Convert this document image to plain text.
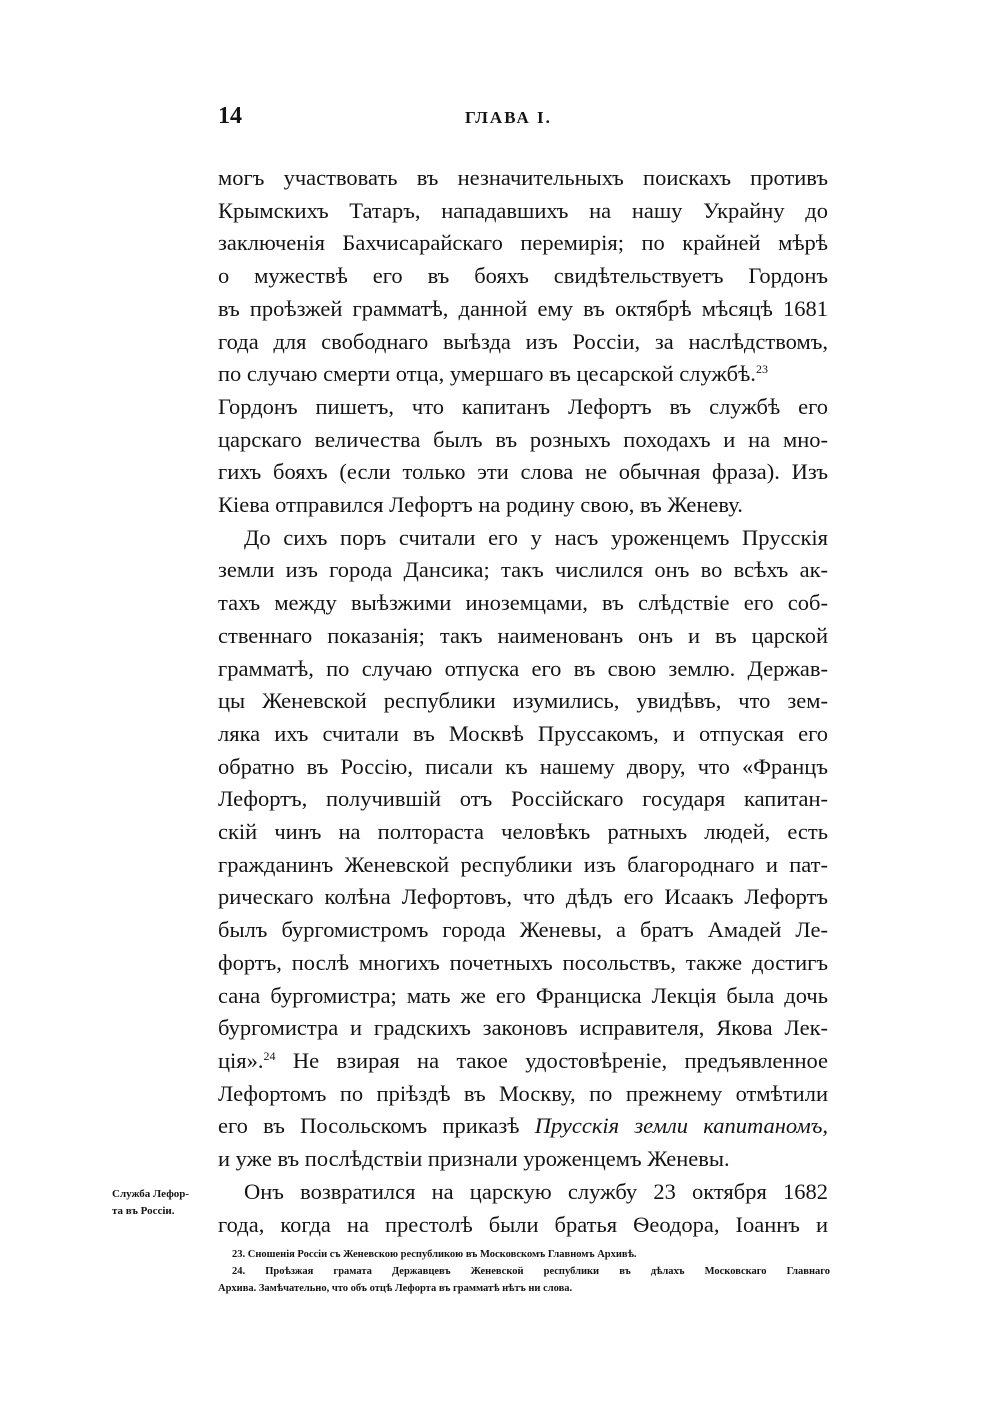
14	ГЛАВА I.
могъ участвовать въ незначительныхъ поискахъ противъ
Крымскихъ Татаръ, нападавшихъ на нашу Украйну до
заключенія Бахчисарайскаго перемирія; по крайней мѣрѣ
о мужествѣ его въ бояхъ свидѣтельствуетъ Гордонъ
въ проѣзжей грамматѣ, данной ему въ октябрѣ мѣсяцѣ 1681
года для свободнаго выѣзда изъ Россіи, за наслѣдствомъ,
по случаю смерти отца, умершаго въ цесарской службѣ.$^{23}$
Гордонъ пишетъ, что капитанъ Лефортъ въ службѣ его
царскаго величества былъ въ розныхъ походахъ и на мно-
гихъ бояхъ (если только эти слова не обычная фраза). Изъ
Кіева отправился Лефортъ на родину свою, въ Женеву.
До сихъ поръ считали его у насъ уроженцемъ Прусскія
земли изъ города Дансика; такъ числился онъ во всѣхъ ак-
тахъ между выѣзжими иноземцами, въ слѣдствіе его соб-
ственнаго показанія; такъ наименованъ онъ и въ царской
грамматѣ, по случаю отпуска его въ свою землю. Держав-
цы Женевской республики изумились, увидѣвъ, что зем-
ляка ихъ считали въ Москвѣ Пруссакомъ, и отпуская его
обратно въ Россію, писали къ нашему двору, что «Францъ
Лефортъ, получившій отъ Россійскаго государя капитан-
скій чинъ на полтораста человѣкъ ратныхъ людей, есть
гражданинъ Женевской республики изъ благороднаго и пат-
рическаго колѣна Лефортовъ, что дѣдъ его Исаакъ Лефортъ
былъ бургомистромъ города Женевы, а братъ Амадей Ле-
фортъ, послѣ многихъ почетныхъ посольствъ, также достигъ
сана бургомистра; мать же его Франциска Лекція была дочь
бургомистра и градскихъ законовъ исправителя, Якова Лек-
ція».$^{24}$ Не взирая на такое удостовѣреніе, предъявленное
Лефортомъ по пріѣздѣ въ Москву, по прежнему отмѣтили
его въ Посольскомъ приказѣ Прусскія земли капитаномъ,
и уже въ послѣдствіи признали уроженцемъ Женевы.
Онъ возвратился на царскую службу 23 октября 1682
года, когда на престолѣ были братья Ѳеодора, Іоаннъ и
Служба Лефор-
та въ Россіи.
23. Сношенія Россіи съ Женевскою республикою въ Московскомъ Главномъ Архивѣ.
24. Проѣзжая грамата Державцевъ Женевской республики въ дѣлахъ Московскаго Главнаго
Архива. Замѣчательно, что объ отцѣ Лефорта въ грамматѣ нѣтъ ни слова.
